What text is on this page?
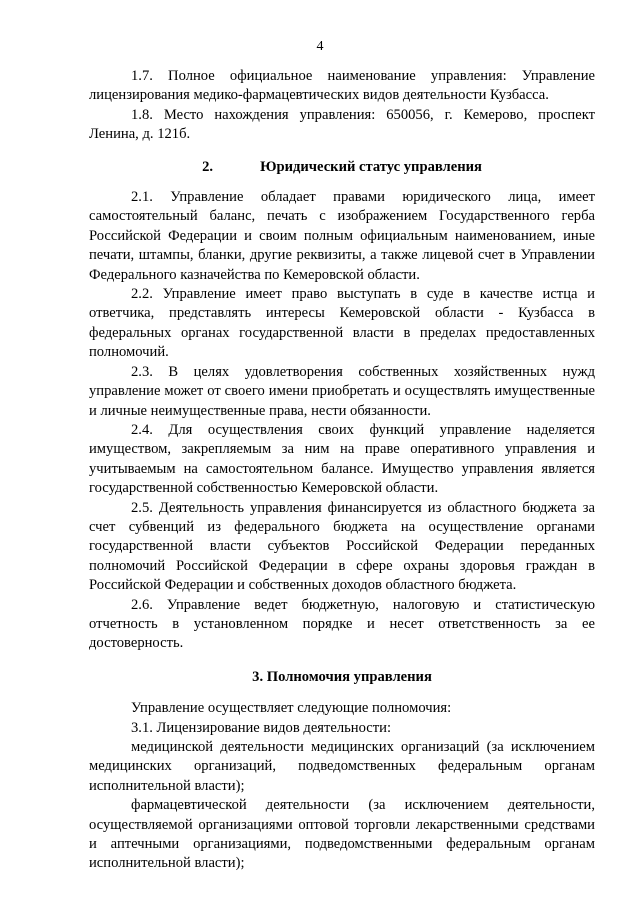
4

1.7. Полное официальное наименование управления: Управление лицензирования медико-фармацевтических видов деятельности Кузбасса.

1.8. Место нахождения управления: 650056, г. Кемерово, проспект Ленина, д. 121б.

2.	Юридический статус управления

2.1. Управление обладает правами юридического лица, имеет самостоятельный баланс, печать с изображением Государственного герба Российской Федерации и своим полным официальным наименованием, иные печати, штампы, бланки, другие реквизиты, а также лицевой счет в Управлении Федерального казначейства по Кемеровской области.

2.2. Управление имеет право выступать в суде в качестве истца и ответчика, представлять интересы Кемеровской области - Кузбасса в федеральных органах государственной власти в пределах предоставленных полномочий.

2.3. В целях удовлетворения собственных хозяйственных нужд управление может от своего имени приобретать и осуществлять имущественные и личные неимущественные права, нести обязанности.

2.4. Для осуществления своих функций управление наделяется имуществом, закрепляемым за ним на праве оперативного управления и учитываемым на самостоятельном балансе. Имущество управления является государственной собственностью Кемеровской области.

2.5. Деятельность управления финансируется из областного бюджета за счет субвенций из федерального бюджета на осуществление органами государственной власти субъектов Российской Федерации переданных полномочий Российской Федерации в сфере охраны здоровья граждан в Российской Федерации и собственных доходов областного бюджета.

2.6. Управление ведет бюджетную, налоговую и статистическую отчетность в установленном порядке и несет ответственность за ее достоверность.

3. Полномочия управления

Управление осуществляет следующие полномочия:

3.1. Лицензирование видов деятельности:

медицинской деятельности медицинских организаций (за исключением медицинских организаций, подведомственных федеральным органам исполнительной власти);

фармацевтической деятельности (за исключением деятельности, осуществляемой организациями оптовой торговли лекарственными средствами и аптечными организациями, подведомственными федеральным органам исполнительной власти);
